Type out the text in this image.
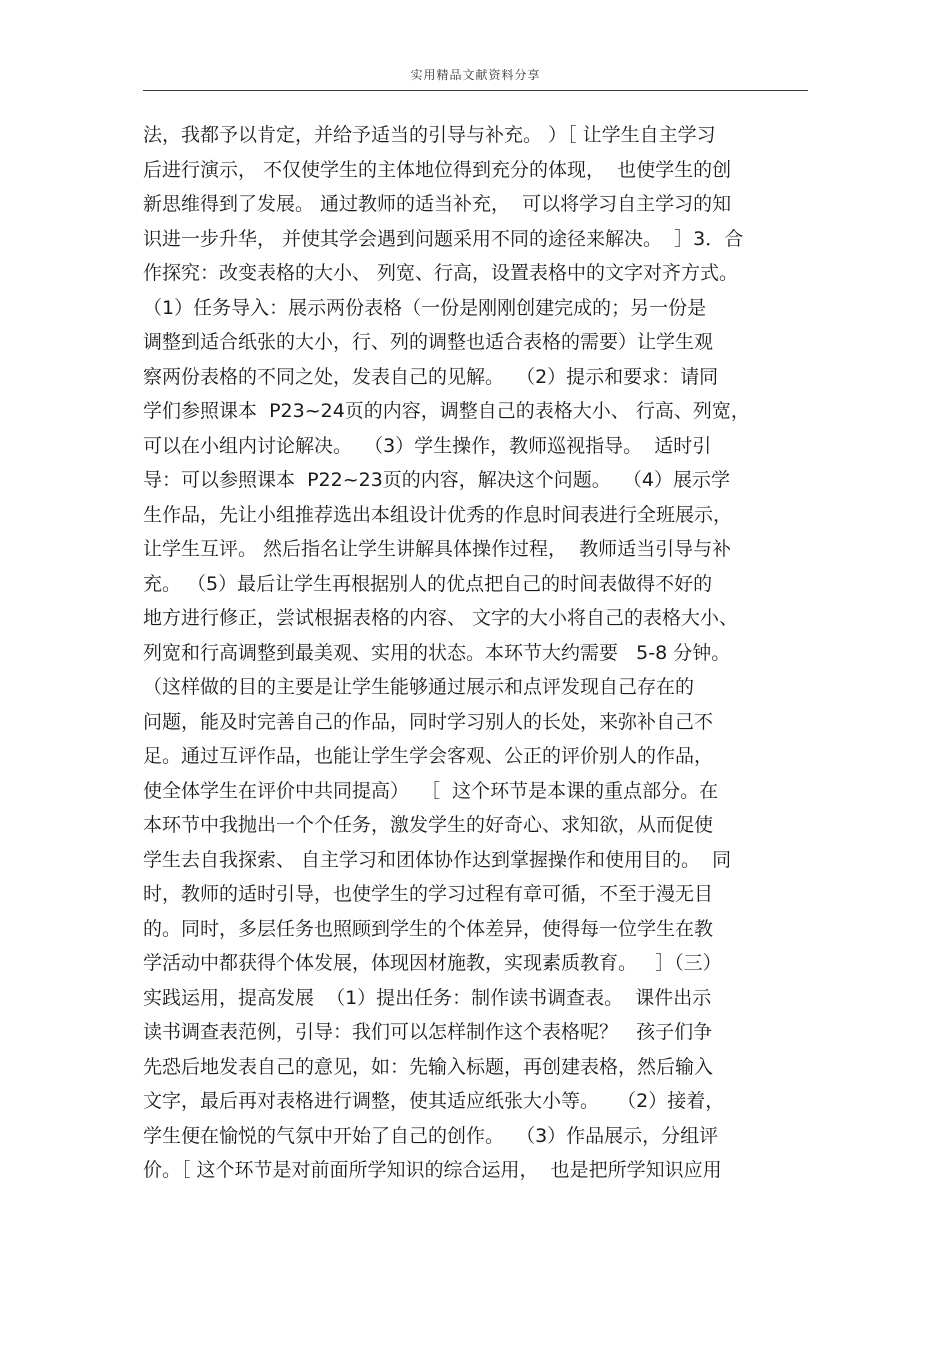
实用精品文献资料分享
法，我都予以肯定，并给予适当的引导与补充。 ）［ 让学生自主学习
后进行演示， 不仅使学生的主体地位得到充分的体现，  也使学生的创
新思维得到了发展。 通过教师的适当补充，  可以将学习自主学习的知
识进一步升华， 并使其学会遇到问题采用不同的途径来解决。  ］3．合
作探究：改变表格的大小、 列宽、行高，设置表格中的文字对齐方式。
（1）任务导入：展示两份表格（一份是刚刚创建完成的；另一份是
调整到适合纸张的大小，行、列的调整也适合表格的需要）让学生观
察两份表格的不同之处，发表自己的见解。  （2）提示和要求：请同
学们参照课本  P23~24页的内容，调整自己的表格大小、 行高、列宽，
可以在小组内讨论解决。  （3）学生操作，教师巡视指导。  适时引
导：可以参照课本  P22~23页的内容，解决这个问题。  （4）展示学
生作品，先让小组推荐选出本组设计优秀的作息时间表进行全班展示，
让学生互评。 然后指名让学生讲解具体操作过程，  教师适当引导与补
充。 （5）最后让学生再根据别人的优点把自己的时间表做得不好的
地方进行修正，尝试根据表格的内容、 文字的大小将自己的表格大小、
列宽和行高调整到最美观、实用的状态。本环节大约需要   5-8 分钟。
（这样做的目的主要是让学生能够通过展示和点评发现自己存在的
问题，能及时完善自己的作品，同时学习别人的长处，来弥补自己不
足。通过互评作品，也能让学生学会客观、公正的评价别人的作品，
使全体学生在评价中共同提高）  ［  这个环节是本课的重点部分。在
本环节中我抛出一个个任务，激发学生的好奇心、求知欲，从而促使
学生去自我探索、 自主学习和团体协作达到掌握操作和使用目的。  同
时，教师的适时引导，也使学生的学习过程有章可循，不至于漫无目
的。同时，多层任务也照顾到学生的个体差异，使得每一位学生在教
学活动中都获得个体发展，体现因材施教，实现素质教育。   ］（三）
实践运用，提高发展  （1）提出任务：制作读书调查表。  课件出示
读书调查表范例，引导：我们可以怎样制作这个表格呢？   孩子们争
先恐后地发表自己的意见，如：先输入标题，再创建表格，然后输入
文字，最后再对表格进行调整，使其适应纸张大小等。   （2）接着，
学生便在愉悦的气氛中开始了自己的创作。  （3）作品展示，分组评
价。［ 这个环节是对前面所学知识的综合运用，  也是把所学知识应用
